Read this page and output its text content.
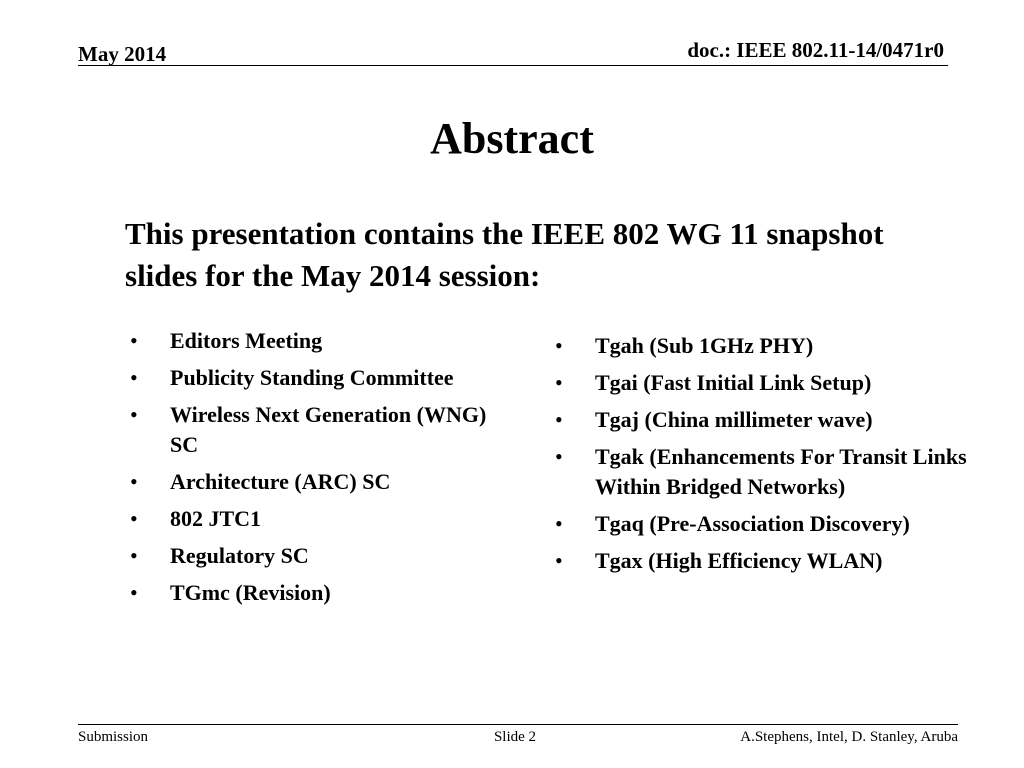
May 2014	doc.: IEEE 802.11-14/0471r0
Abstract
This presentation contains the IEEE 802 WG 11 snapshot slides for the May 2014 session:
•	Editors Meeting
•	Publicity Standing Committee
•	Wireless Next Generation (WNG) SC
•	Architecture (ARC) SC
•	802 JTC1
•	Regulatory SC
•	TGmc (Revision)
•	Tgah (Sub 1GHz PHY)
•	Tgai (Fast Initial Link Setup)
•	Tgaj (China millimeter wave)
•	Tgak (Enhancements For Transit Links Within Bridged Networks)
•	Tgaq (Pre-Association Discovery)
•	Tgax (High Efficiency WLAN)
Submission	Slide 2	A.Stephens, Intel, D. Stanley, Aruba
